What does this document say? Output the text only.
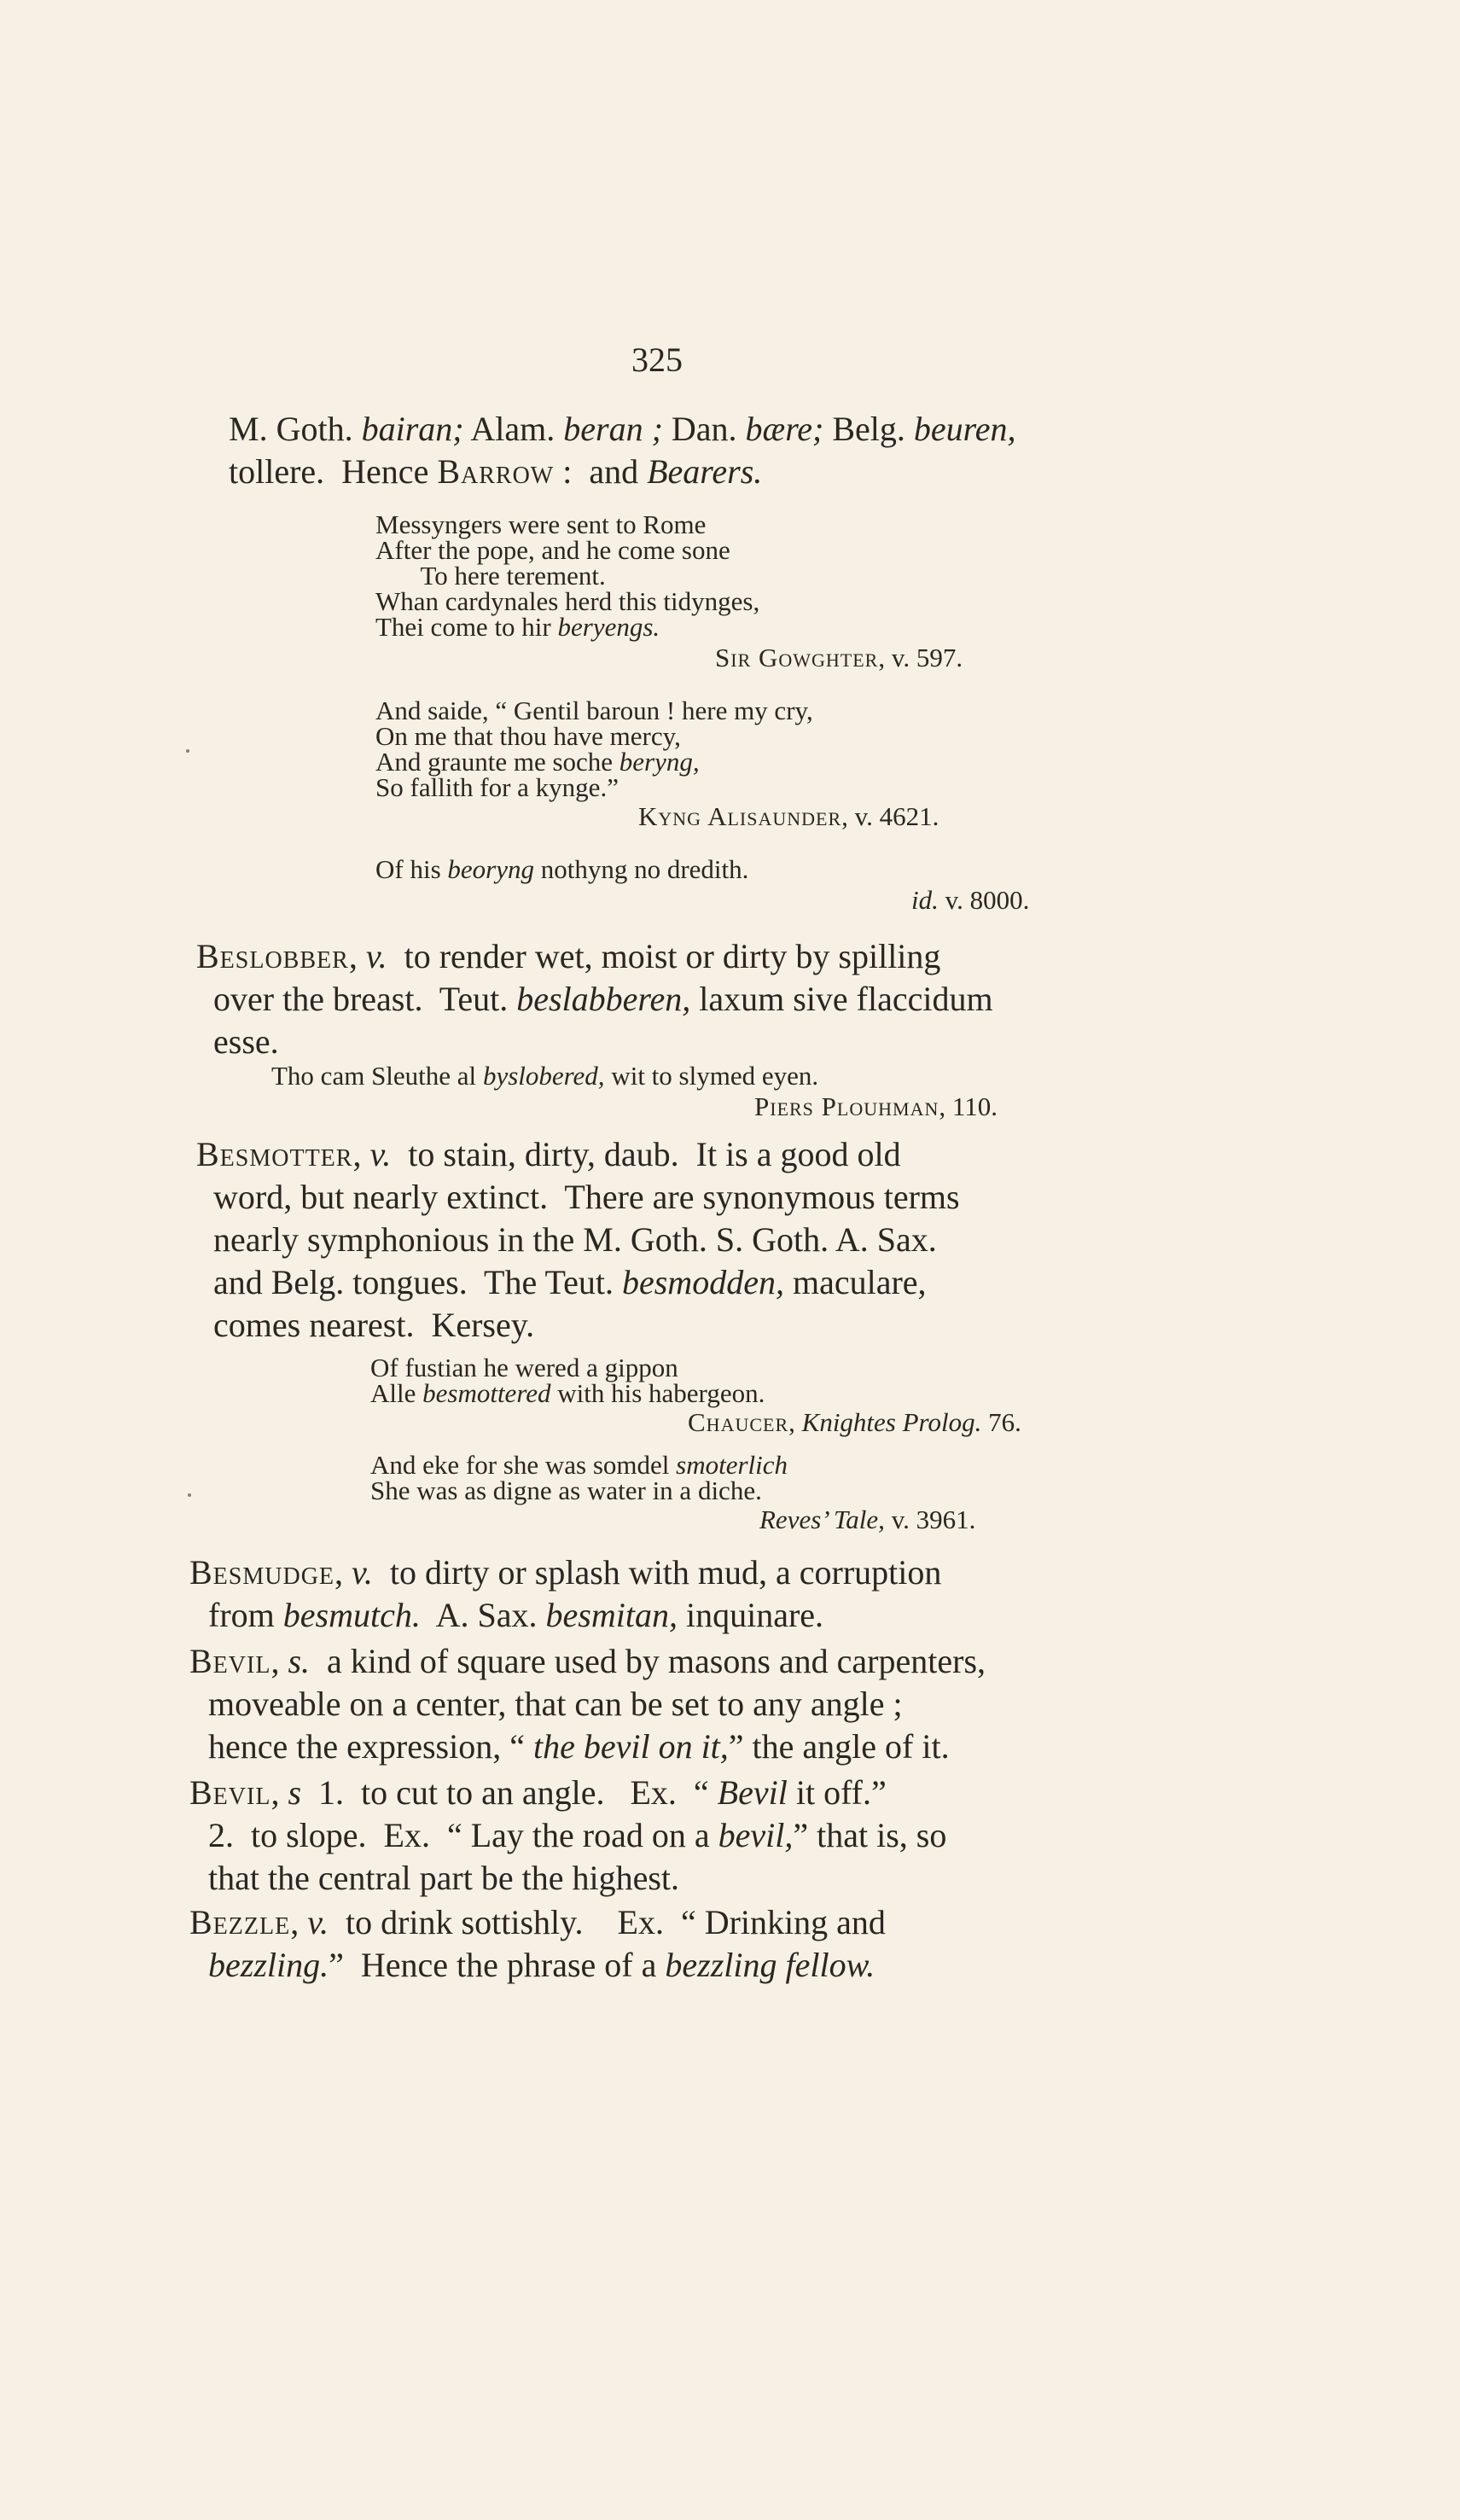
325
M. Goth. bairan; Alam. beran ; Dan. bære; Belg. beuren,
tollere.  Hence Barrow :  and Bearers.
Messyngers were sent to Rome
After the pope, and he come sone
To here terement.
Whan cardynales herd this tidynges,
Thei come to hir beryengs.
Sir Gowghter, v. 597.
And saide, “ Gentil baroun ! here my cry,
On me that thou have mercy,
And graunte me soche beryng,
So fallith for a kynge.”
Kyng Alisaunder, v. 4621.
Of his beoryng nothyng no dredith.
id. v. 8000.
Beslobber, v.  to render wet, moist or dirty by spilling
over the breast.  Teut. beslabberen, laxum sive flaccidum
esse.
Tho cam Sleuthe al byslobered, wit to slymed eyen.
Piers Plouhman, 110.
Besmotter, v.  to stain, dirty, daub.  It is a good old
word, but nearly extinct.  There are synonymous terms
nearly symphonious in the M. Goth. S. Goth. A. Sax.
and Belg. tongues.  The Teut. besmodden, maculare,
comes nearest.  Kersey.
Of fustian he wered a gippon
Alle besmottered with his habergeon.
Chaucer, Knightes Prolog. 76.
And eke for she was somdel smoterlich
She was as digne as water in a diche.
Reves’ Tale, v. 3961.
Besmudge, v.  to dirty or splash with mud, a corruption
from besmutch.  A. Sax. besmitan, inquinare.
Bevil, s.  a kind of square used by masons and carpenters,
moveable on a center, that can be set to any angle ;
hence the expression, “ the bevil on it,” the angle of it.
Bevil, s  1.  to cut to an angle.   Ex.  “ Bevil it off.”
2.  to slope.  Ex.  “ Lay the road on a bevil,” that is, so
that the central part be the highest.
Bezzle, v.  to drink sottishly.    Ex.  “ Drinking and
bezzling.”  Hence the phrase of a bezzling fellow.
